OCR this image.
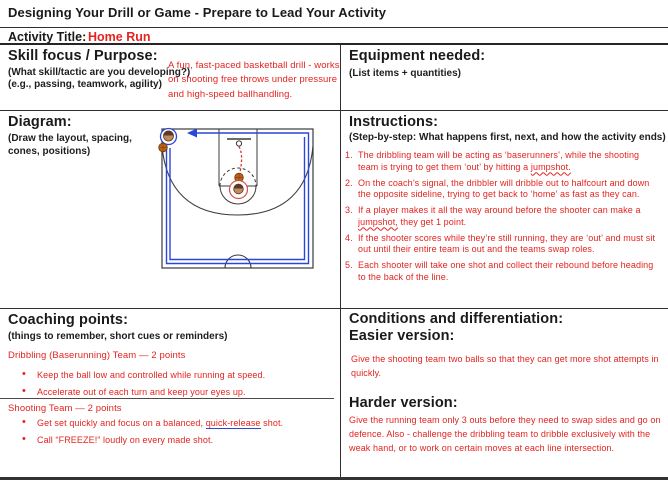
Designing Your Drill or Game - Prepare to Lead Your Activity
Activity Title: Home Run
Skill focus / Purpose:
(What skill/tactic are you developing?)
(e.g., passing, teamwork, agility)
A fun, fast-paced basketball drill - works on shooting free throws under pressure and high-speed ballhandling.
Equipment needed:
(List items + quantities)
Diagram:
(Draw the layout, spacing, cones, positions)
Instructions:
(Step-by-step: What happens first, next, and how the activity ends)
The dribbling team will be acting as ‘baserunners’, while the shooting team is trying to get them ‘out’ by hitting a jumpshot.
On the coach’s signal, the dribbler will dribble out to halfcourt and down the opposite sideline, trying to get back to ‘home’ as fast as they can.
If a player makes it all the way around before the shooter can make a jumpshot, they get 1 point.
If the shooter scores while they’re still running, they are ‘out’ and must sit out until their entire team is out and the teams swap roles.
Each shooter will take one shot and collect their rebound before heading to the back of the line.
Coaching points:
(things to remember, short cues or reminders)
Dribbling (Baserunning) Team — 2 points
• Keep the ball low and controlled while running at speed.
• Accelerate out of each turn and keep your eyes up.
Shooting Team — 2 points
• Get set quickly and focus on a balanced, quick-release shot.
• Call “FREEZE!” loudly on every made shot.
Conditions and differentiation:
Easier version:
Give the shooting team two balls so that they can get more shot attempts in
quickly.
Harder version:
Give the running team only 3 outs before they need to swap sides and go on defence. Also - challenge the dribbling team to dribble exclusively with the weak hand, or to work on certain moves at each line intersection.
